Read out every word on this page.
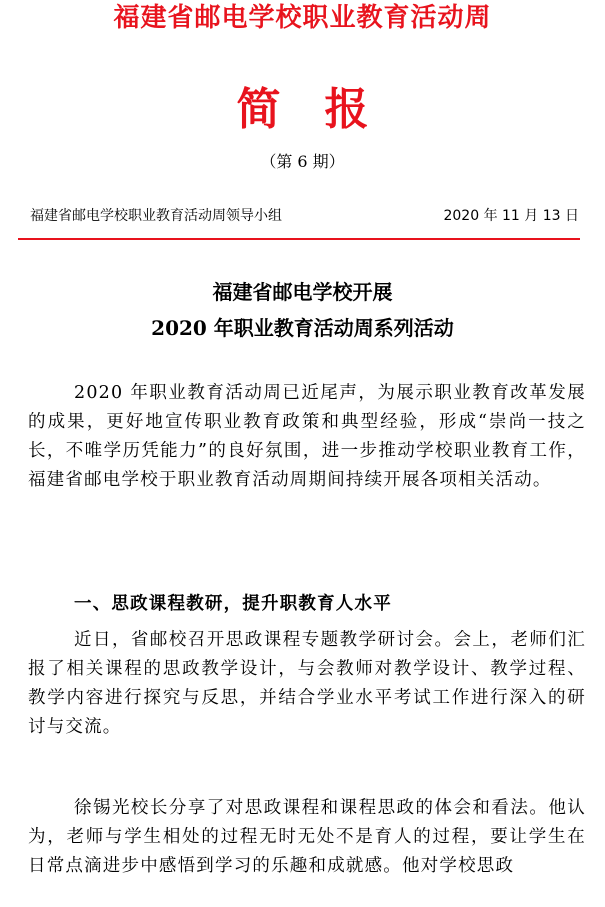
福建省邮电学校职业教育活动周
简报
（第 6 期）
福建省邮电学校职业教育活动周领导小组	2020 年 11 月 13 日
福建省邮电学校开展
2020 年职业教育活动周系列活动

2020 年职业教育活动周已近尾声，为展示职业教育改革发展的成果，更好地宣传职业教育政策和典型经验，形成“崇尚一技之长，不唯学历凭能力”的良好氛围，进一步推动学校职业教育工作，福建省邮电学校于职业教育活动周期间持续开展各项相关活动。

一、思政课程教研，提升职教育人水平

近日，省邮校召开思政课程专题教学研讨会。会上，老师们汇报了相关课程的思政教学设计，与会教师对教学设计、教学过程、教学内容进行探究与反思，并结合学业水平考试工作进行深入的研讨与交流。

徐锡光校长分享了对思政课程和课程思政的体会和看法。他认为，老师与学生相处的过程无时无处不是育人的过程，要让学生在日常点滴进步中感悟到学习的乐趣和成就感。他对学校思政
